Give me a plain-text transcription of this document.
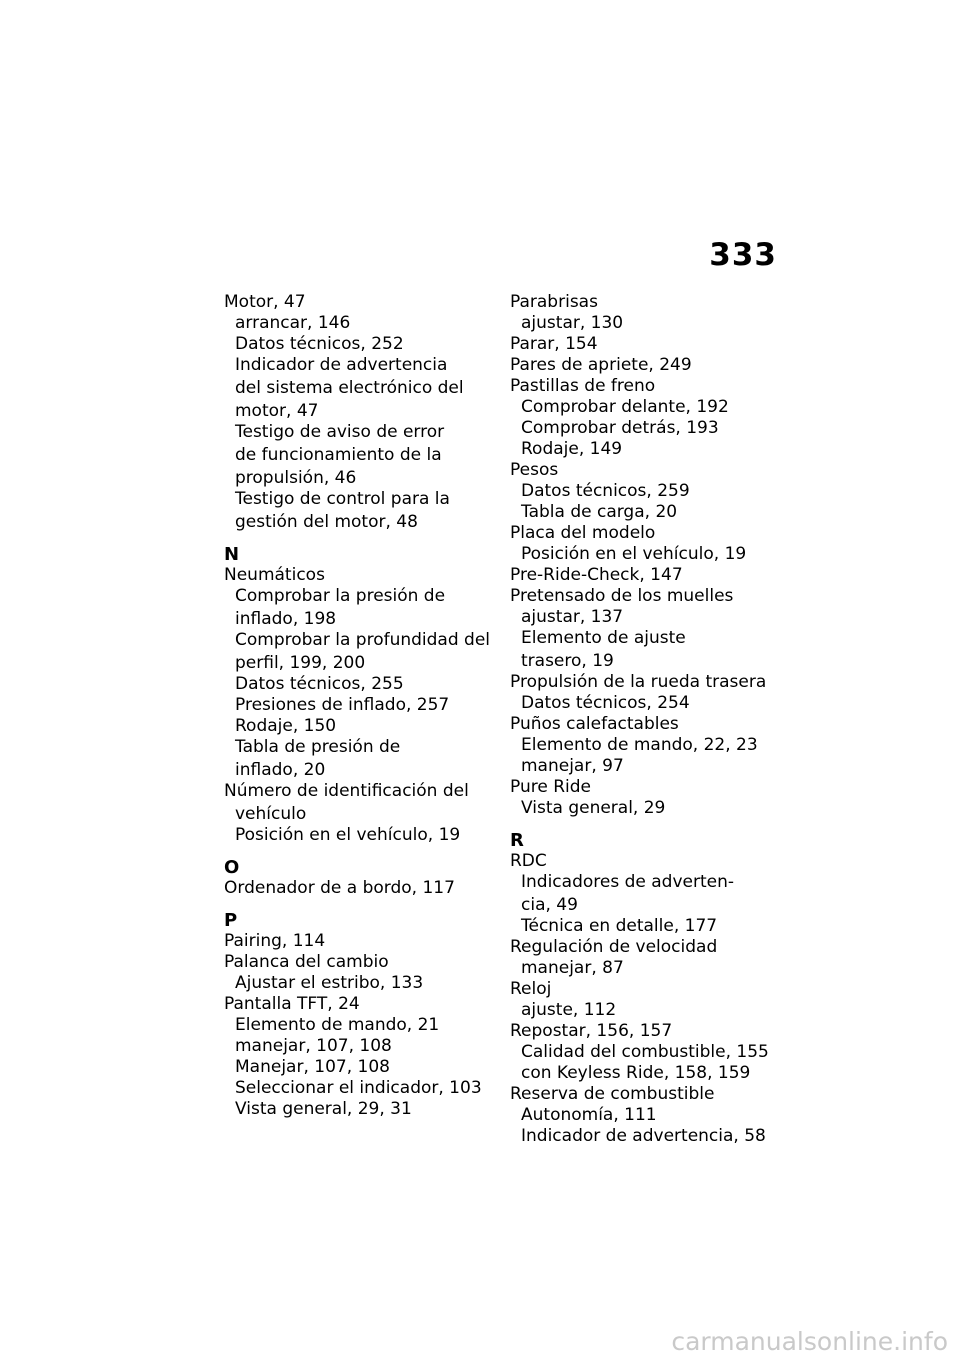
333
Motor, 47
arrancar, 146
Datos técnicos, 252
Indicador de advertencia
del sistema electrónico del
motor, 47
Testigo de aviso de error
de funcionamiento de la
propulsión, 46
Testigo de control para la
gestión del motor, 48
N
Neumáticos
Comprobar la presión de
inflado, 198
Comprobar la profundidad del
perfil, 199, 200
Datos técnicos, 255
Presiones de inflado, 257
Rodaje, 150
Tabla de presión de
inflado, 20
Número de identificación del
vehículo
Posición en el vehículo, 19
O
Ordenador de a bordo, 117
P
Pairing, 114
Palanca del cambio
Ajustar el estribo, 133
Pantalla TFT, 24
Elemento de mando, 21
manejar, 107, 108
Manejar, 107, 108
Seleccionar el indicador, 103
Vista general, 29, 31
Parabrisas
ajustar, 130
Parar, 154
Pares de apriete, 249
Pastillas de freno
Comprobar delante, 192
Comprobar detrás, 193
Rodaje, 149
Pesos
Datos técnicos, 259
Tabla de carga, 20
Placa del modelo
Posición en el vehículo, 19
Pre-Ride-Check, 147
Pretensado de los muelles
ajustar, 137
Elemento de ajuste
trasero, 19
Propulsión de la rueda trasera
Datos técnicos, 254
Puños calefactables
Elemento de mando, 22, 23
manejar, 97
Pure Ride
Vista general, 29
R
RDC
Indicadores de adverten-
cia, 49
Técnica en detalle, 177
Regulación de velocidad
manejar, 87
Reloj
ajuste, 112
Repostar, 156, 157
Calidad del combustible, 155
con Keyless Ride, 158, 159
Reserva de combustible
Autonomía, 111
Indicador de advertencia, 58
carmanualsonline.info
